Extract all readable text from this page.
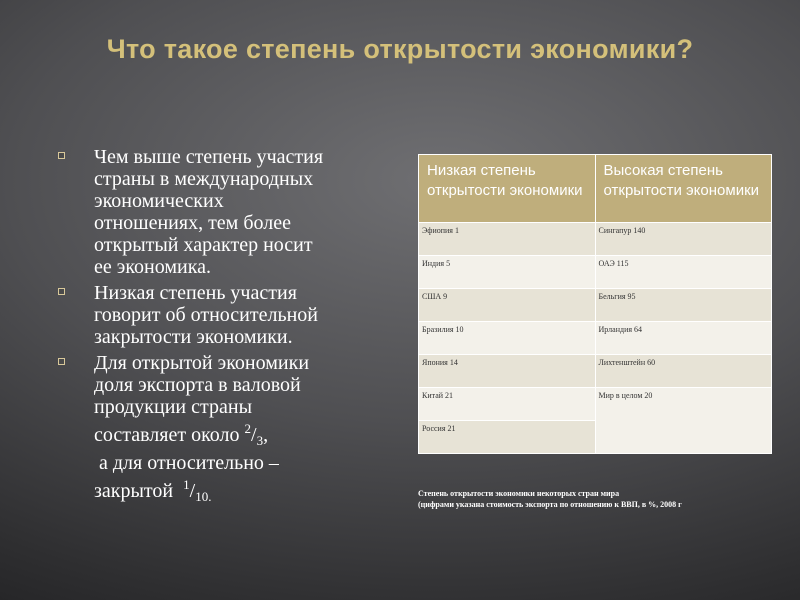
Что такое степень открытости экономики?
Чем выше степень участия
страны в международных
экономических
отношениях, тем более
открытый характер носит
ее экономика.
Низкая степень участия
говорит об относительной
закрытости экономики.
Для открытой экономики
доля экспорта в валовой
продукции страны
составляет около $^2/_3$,
а для относительно –
закрытой  $^1/_{10.}$
Низкая степень открытости экономики	Высокая степень открытости экономики
Эфиопия 1	Сингапур 140
Индия 5	ОАЭ 115
США 9	Бельгия 95
Бразилия 10	Ирландия 64
Япония 14	Лихтенштейн 60
Китай 21	Мир в целом 20
Россия 21	
Степень открытости экономики некоторых стран мира
(цифрами указана стоимость экспорта по отношению к ВВП, в %, 2008 г
